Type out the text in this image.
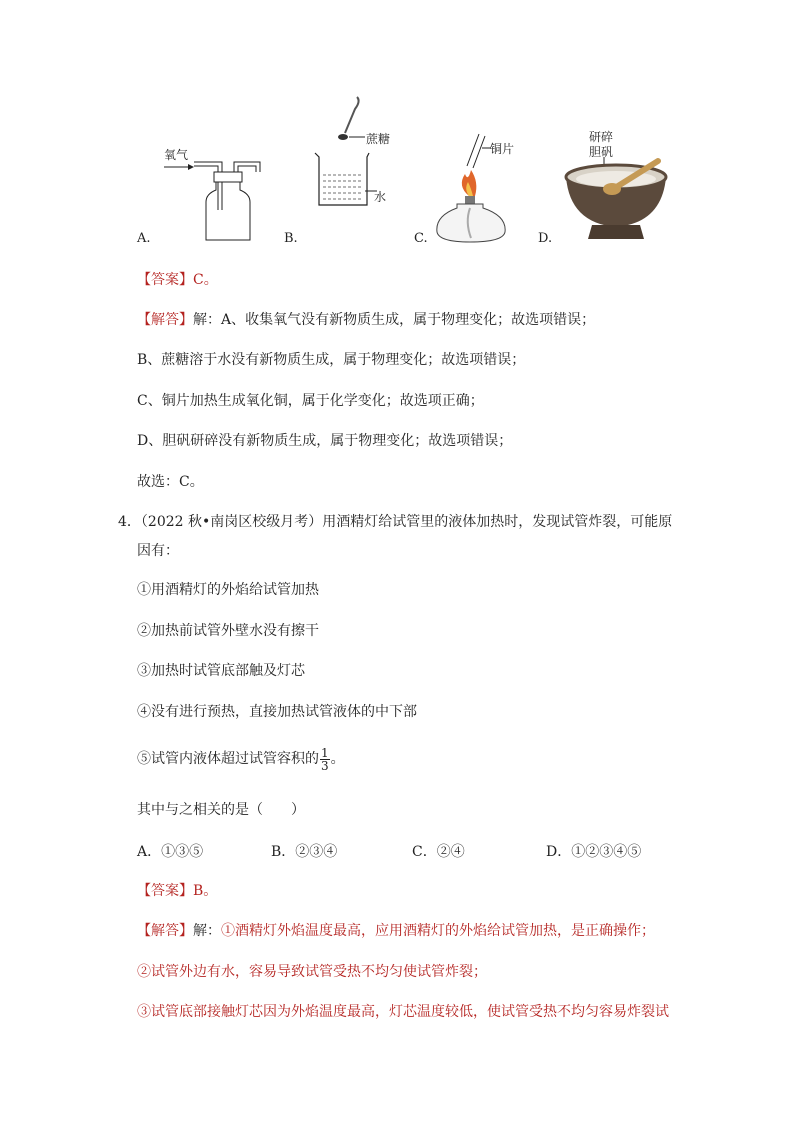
A.
氧气
B.
蔗糖
水
C.
铜片
D.
研碎
胆矾
【答案】C。
【解答】解：A、收集氧气没有新物质生成，属于物理变化；故选项错误；
B、蔗糖溶于水没有新物质生成，属于物理变化；故选项错误；
C、铜片加热生成氧化铜，属于化学变化；故选项正确；
D、胆矾研碎没有新物质生成，属于物理变化；故选项错误；
故选：C。
4．（2022 秋•南岗区校级月考）用酒精灯给试管里的液体加热时，发现试管炸裂，可能原
因有：
①用酒精灯的外焰给试管加热
②加热前试管外壁水没有擦干
③加热时试管底部触及灯芯
④没有进行预热，直接加热试管液体的中下部
⑤试管内液体超过试管容积的 $\frac{1}{3}$ 。
其中与之相关的是（　　）
A．①③⑤	B．②③④	C．②④	D．①②③④⑤
【答案】B。
【解答】解：①酒精灯外焰温度最高，应用酒精灯的外焰给试管加热，是正确操作；
②试管外边有水，容易导致试管受热不均匀使试管炸裂；
③试管底部接触灯芯因为外焰温度最高，灯芯温度较低，使试管受热不均匀容易炸裂试
